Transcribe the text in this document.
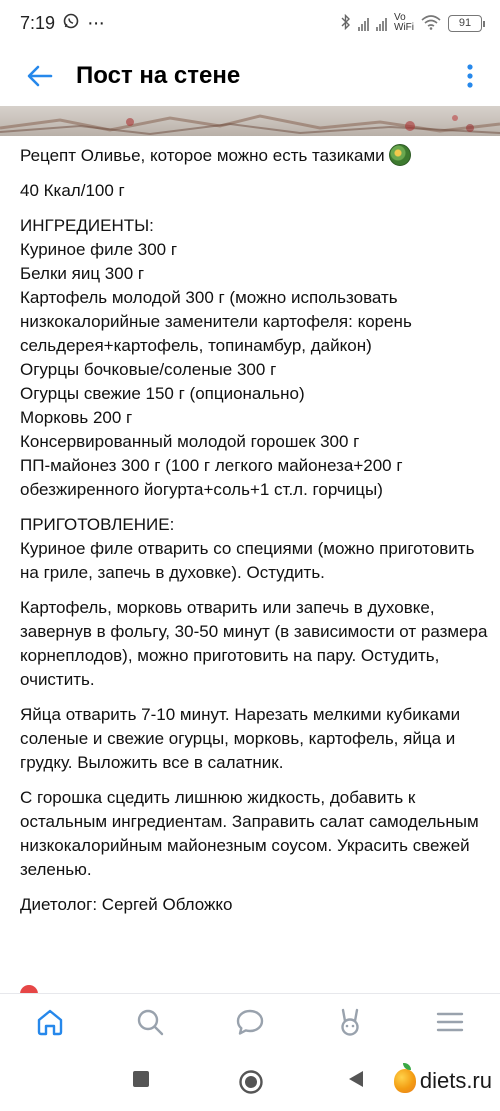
7:19 ···	Vo
WiFi	91
Пост на стене

Рецепт Оливье, которое можно есть тазиками

40 Ккал/100 г

ИНГРЕДИЕНТЫ:

Куриное филе 300 г

Белки яиц 300 г

Картофель молодой 300 г (можно использовать низкокалорийные заменители картофеля: корень сельдерея+картофель, топинамбур, дайкон)

Огурцы бочковые/соленые 300 г

Огурцы свежие 150 г (опционально)

Морковь 200 г

Консервированный молодой горошек 300 г

ПП-майонез 300 г (100 г легкого майонеза+200 г обезжиренного йогурта+соль+1 ст.л. горчицы)

ПРИГОТОВЛЕНИЕ:

Куриное филе отварить со специями (можно приготовить на гриле, запечь в духовке). Остудить.

Картофель, морковь отварить или запечь в духовке, завернув в фольгу, 30-50 минут (в зависимости от размера корнеплодов), можно приготовить на пару. Остудить, очистить.

Яйца отварить 7-10 минут. Нарезать мелкими кубиками соленые и свежие огурцы, морковь, картофель, яйца и грудку. Выложить все в салатник.

С горошка сцедить лишнюю жидкость, добавить к остальным ингредиентам. Заправить салат самодельным низкокалорийным майонезным соусом. Украсить свежей зеленью.

Диетолог: Сергей Обложко

diets.ru
